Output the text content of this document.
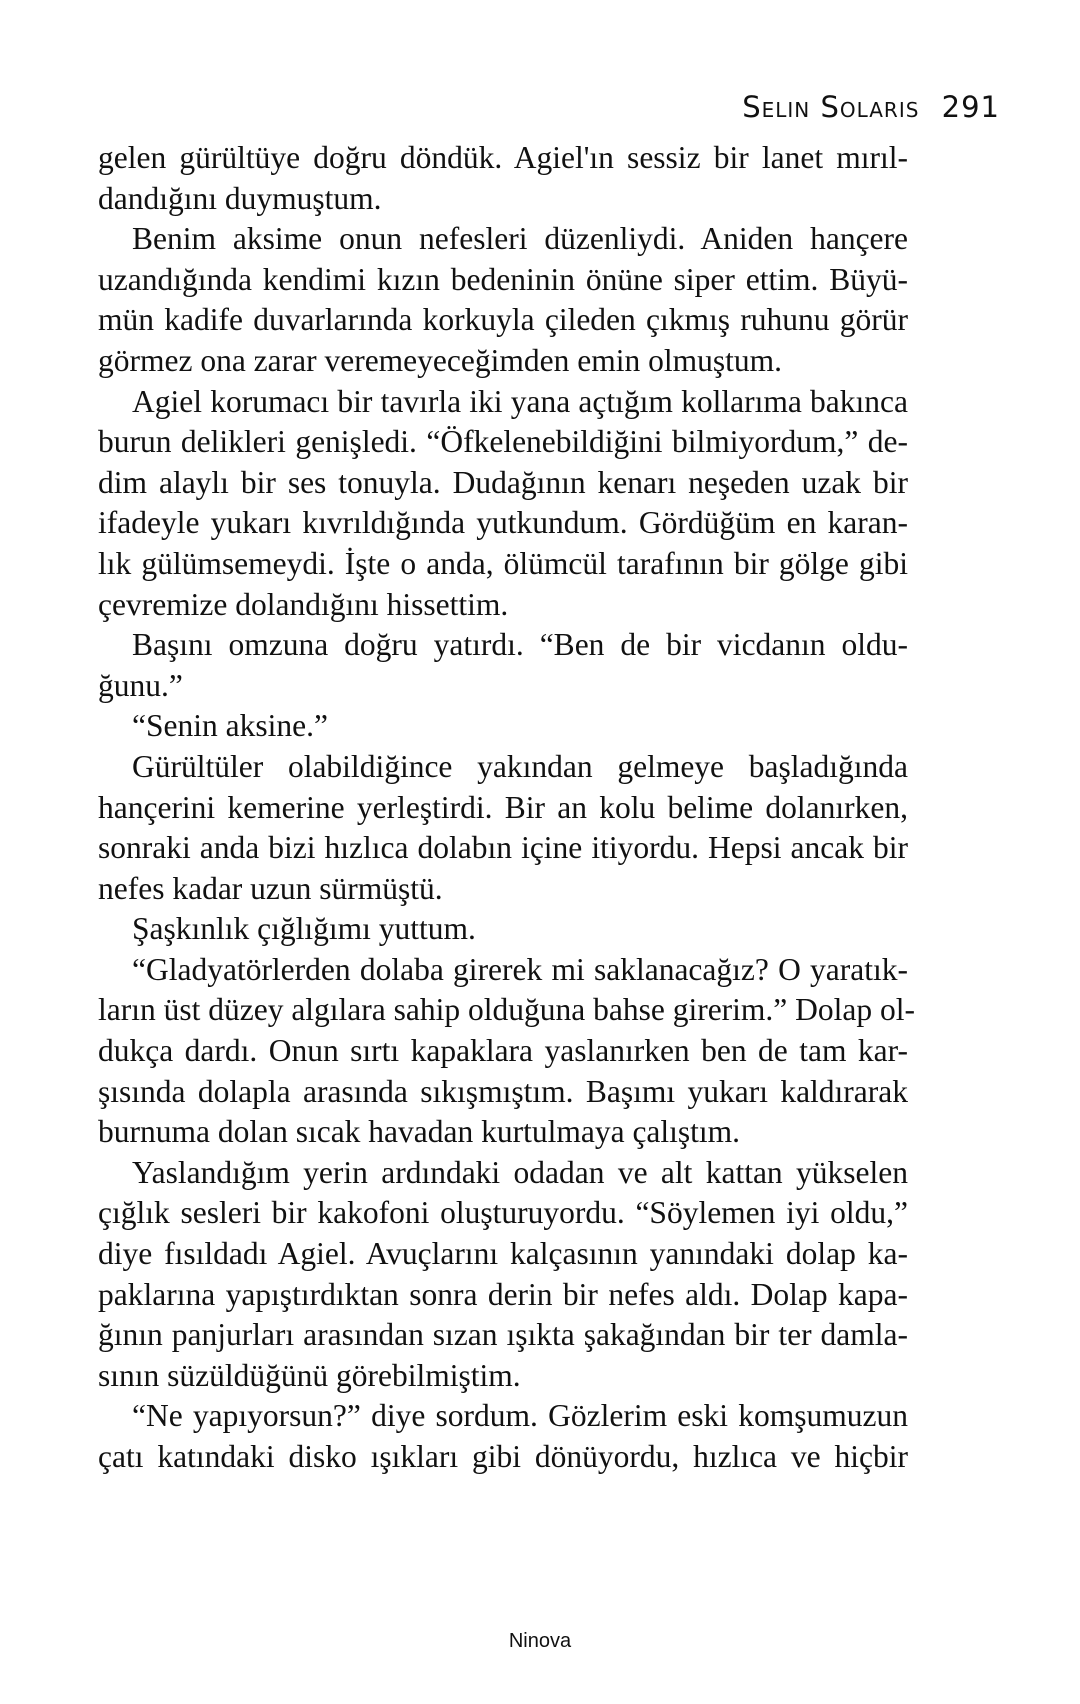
Selin Solaris 291
gelen gürültüye doğru döndük. Agiel'ın sessiz bir lanet mırıl-
dandığını duymuştum.
Benim aksime onun nefesleri düzenliydi. Aniden hançere
uzandığında kendimi kızın bedeninin önüne siper ettim. Büyü-
mün kadife duvarlarında korkuyla çileden çıkmış ruhunu görür
görmez ona zarar veremeyeceğimden emin olmuştum.
Agiel korumacı bir tavırla iki yana açtığım kollarıma bakınca
burun delikleri genişledi. “Öfkelenebildiğini bilmiyordum,” de-
dim alaylı bir ses tonuyla. Dudağının kenarı neşeden uzak bir
ifadeyle yukarı kıvrıldığında yutkundum. Gördüğüm en karan-
lık gülümsemeydi. İşte o anda, ölümcül tarafının bir gölge gibi
çevremize dolandığını hissettim.
Başını omzuna doğru yatırdı. “Ben de bir vicdanın oldu-
ğunu.”
“Senin aksine.”
Gürültüler olabildiğince yakından gelmeye başladığında
hançerini kemerine yerleştirdi. Bir an kolu belime dolanırken,
sonraki anda bizi hızlıca dolabın içine itiyordu. Hepsi ancak bir
nefes kadar uzun sürmüştü.
Şaşkınlık çığlığımı yuttum.
“Gladyatörlerden dolaba girerek mi saklanacağız? O yaratık-
ların üst düzey algılara sahip olduğuna bahse girerim.” Dolap ol-
dukça dardı. Onun sırtı kapaklara yaslanırken ben de tam kar-
şısında dolapla arasında sıkışmıştım. Başımı yukarı kaldırarak
burnuma dolan sıcak havadan kurtulmaya çalıştım.
Yaslandığım yerin ardındaki odadan ve alt kattan yükselen
çığlık sesleri bir kakofoni oluşturuyordu. “Söylemen iyi oldu,”
diye fısıldadı Agiel. Avuçlarını kalçasının yanındaki dolap ka-
paklarına yapıştırdıktan sonra derin bir nefes aldı. Dolap kapa-
ğının panjurları arasından sızan ışıkta şakağından bir ter damla-
sının süzüldüğünü görebilmiştim.
“Ne yapıyorsun?” diye sordum. Gözlerim eski komşumuzun
çatı katındaki disko ışıkları gibi dönüyordu, hızlıca ve hiçbir
Ninova
